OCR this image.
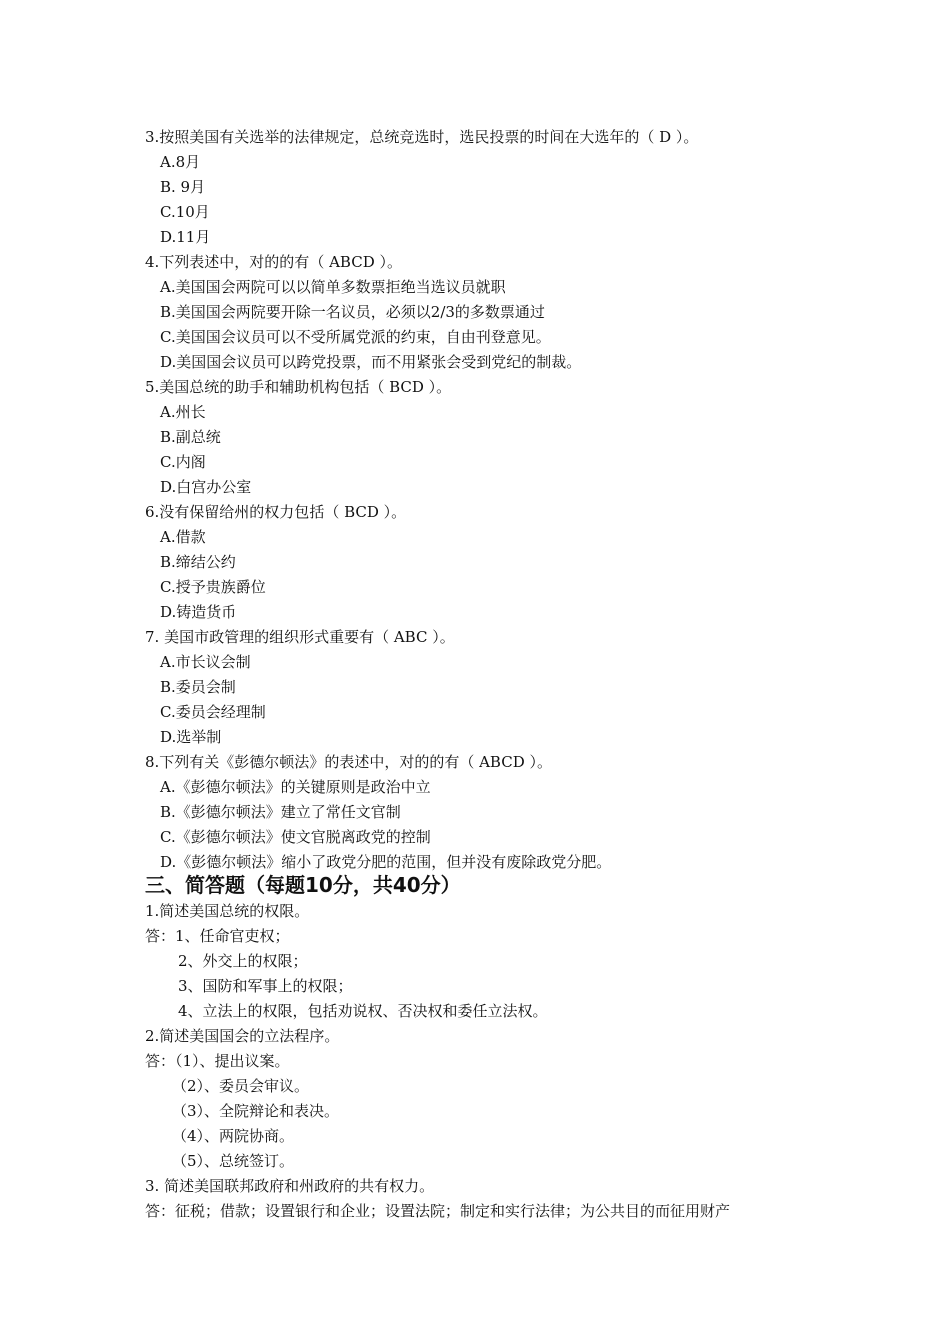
3.按照美国有关选举的法律规定，总统竞选时，选民投票的时间在大选年的（ D ）。
A.8月
B. 9月
C.10月
D.11月
4.下列表述中，对的的有（ ABCD ）。
A.美国国会两院可以以简单多数票拒绝当选议员就职
B.美国国会两院要开除一名议员，必须以2/3的多数票通过
C.美国国会议员可以不受所属党派的约束，自由刊登意见。
D.美国国会议员可以跨党投票，而不用紧张会受到党纪的制裁。
5.美国总统的助手和辅助机构包括（ BCD ）。
A.州长
B.副总统
C.内阁
D.白宫办公室
6.没有保留给州的权力包括（ BCD ）。
A.借款
B.缔结公约
C.授予贵族爵位
D.铸造货币
7. 美国市政管理的组织形式重要有（ ABC ）。
A.市长议会制
B.委员会制
C.委员会经理制
D.选举制
8.下列有关《彭德尔顿法》的表述中，对的的有（ ABCD ）。
A.《彭德尔顿法》的关键原则是政治中立
B.《彭德尔顿法》建立了常任文官制
C.《彭德尔顿法》使文官脱离政党的控制
D.《彭德尔顿法》缩小了政党分肥的范围，但并没有废除政党分肥。
三、简答题（每题10分，共40分）
1.简述美国总统的权限。
答：1、任命官吏权；
2、外交上的权限；
3、国防和军事上的权限；
4、立法上的权限，包括劝说权、否决权和委任立法权。
2.简述美国国会的立法程序。
答：（1）、提出议案。
（2）、委员会审议。
（3）、全院辩论和表决。
（4）、两院协商。
（5）、总统签订。
3. 简述美国联邦政府和州政府的共有权力。
答：征税；借款；设置银行和企业；设置法院；制定和实行法律；为公共目的而征用财产
